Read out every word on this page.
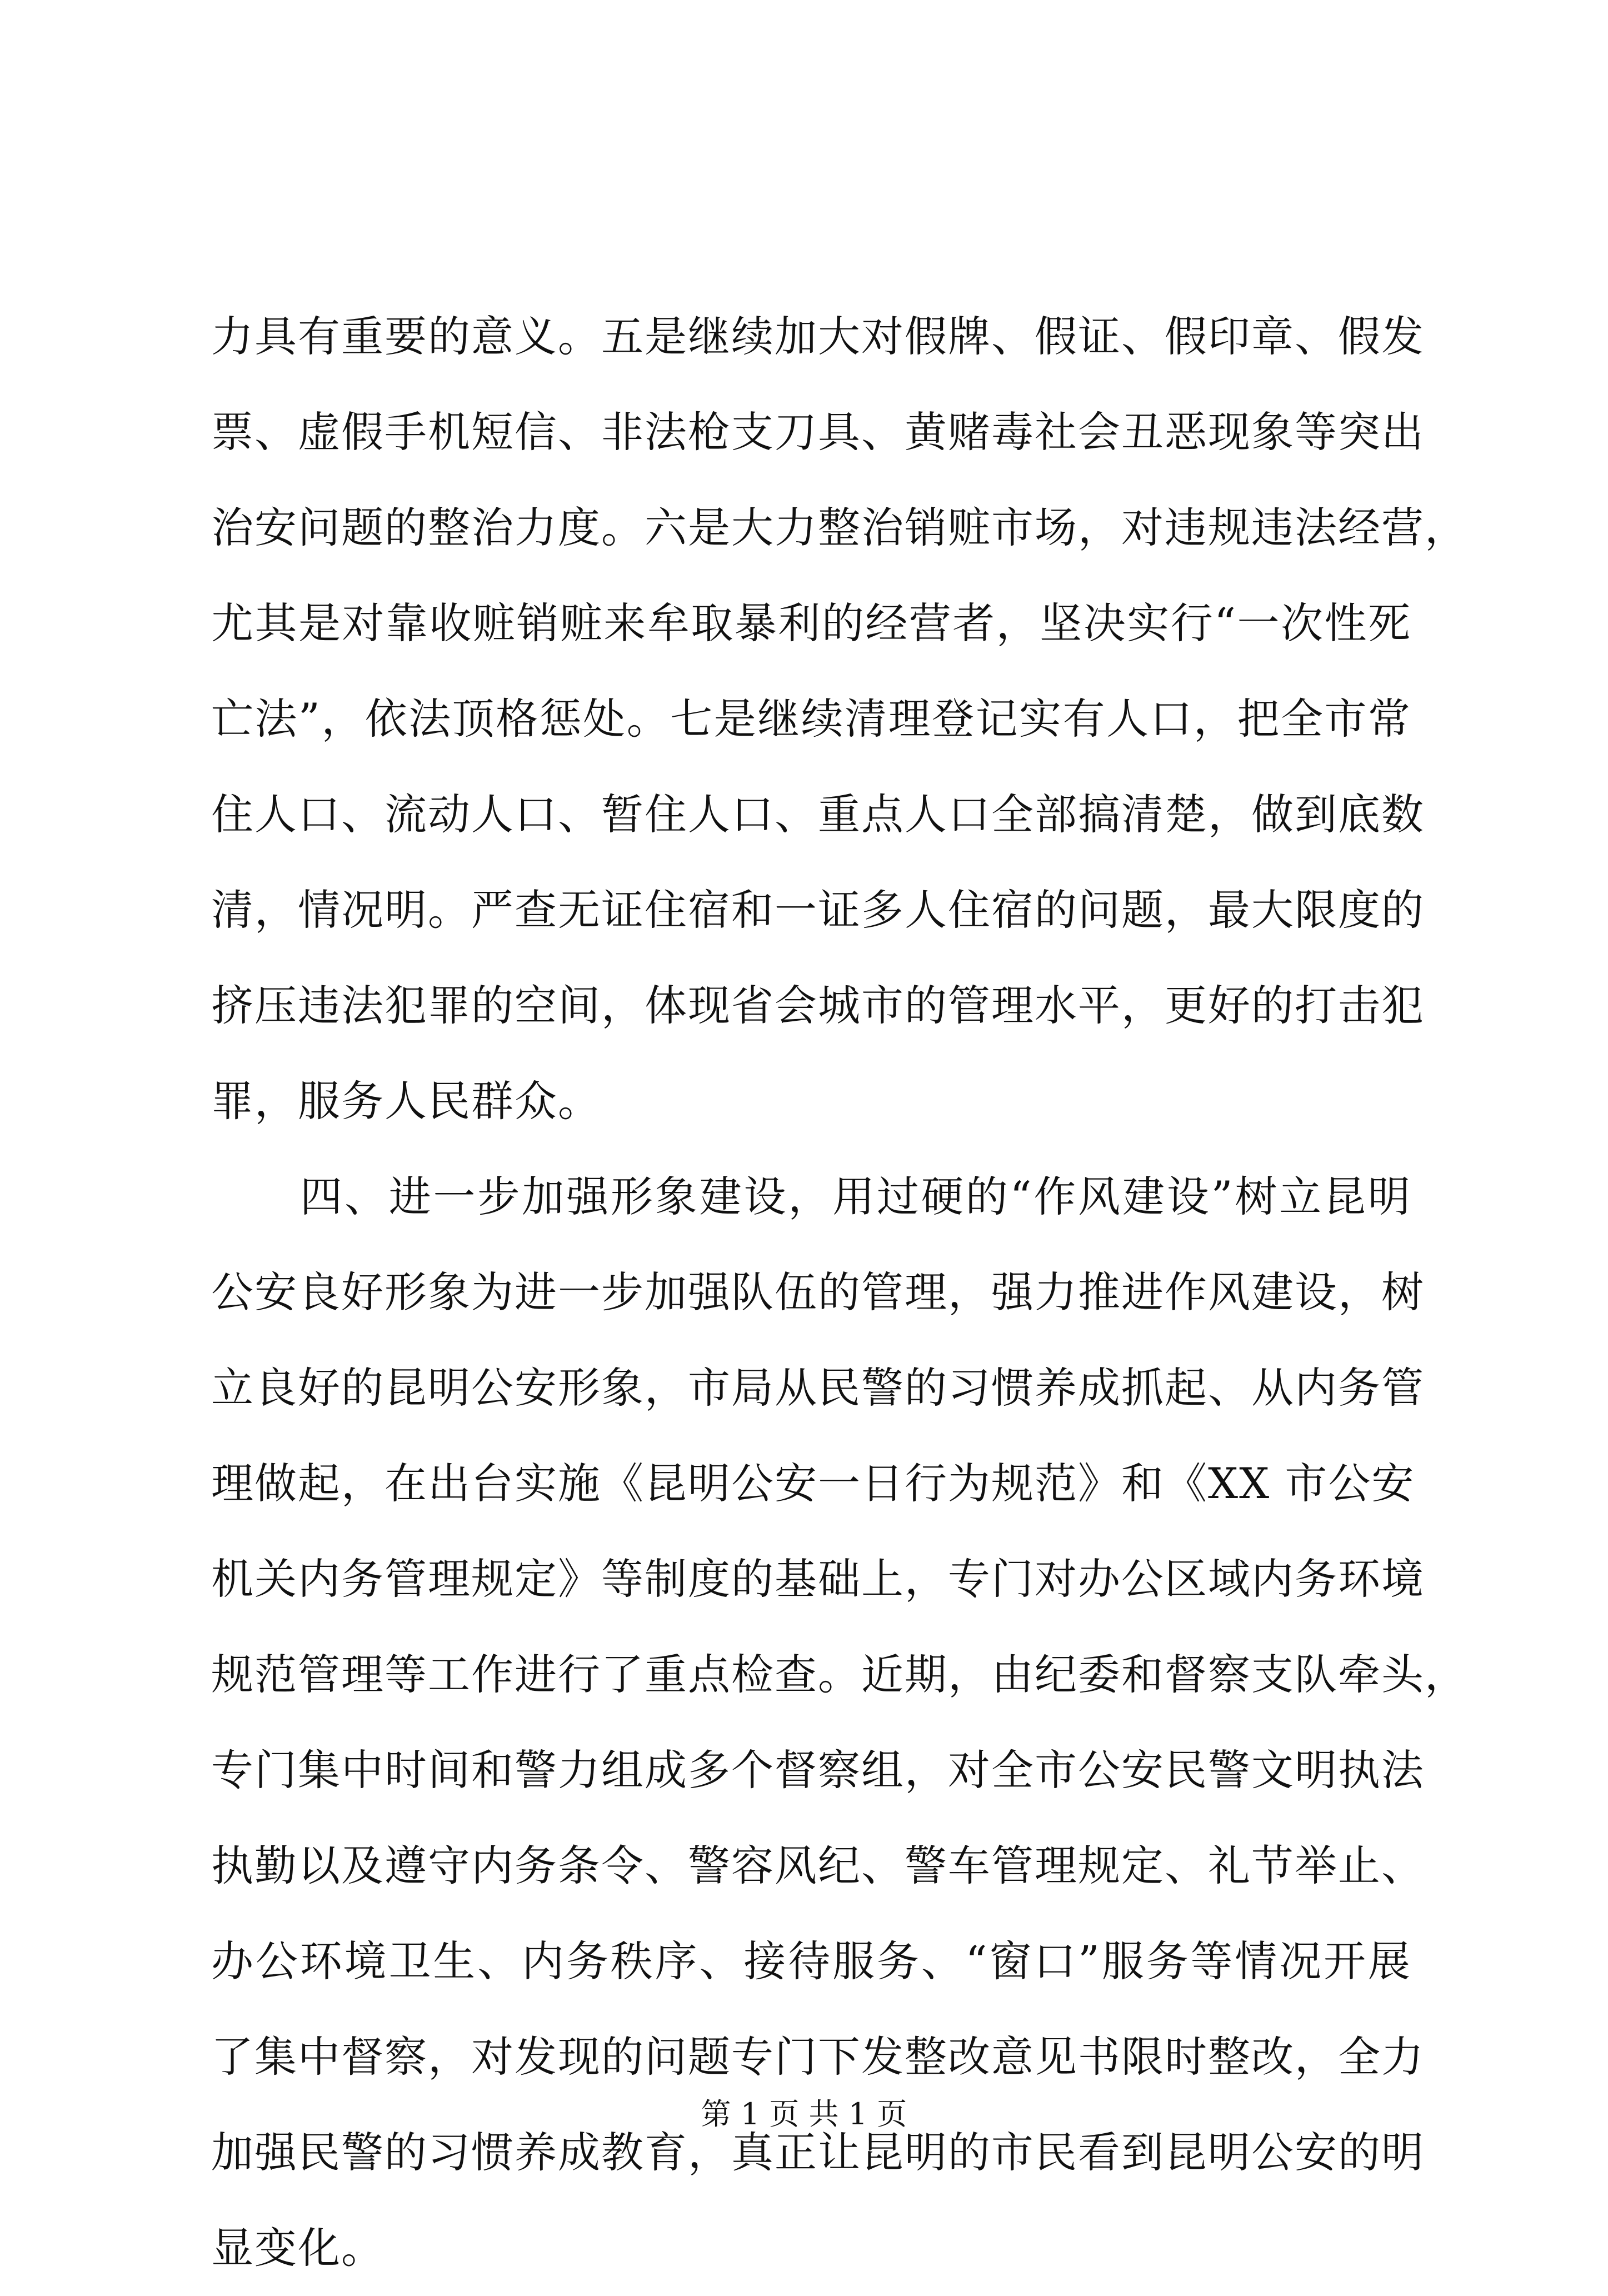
力具有重要的意义。五是继续加大对假牌、假证、假印章、假发
票、虚假手机短信、非法枪支刀具、黄赌毒社会丑恶现象等突出
治安问题的整治力度。六是大力整治销赃市场，对违规违法经营，
尤其是对靠收赃销赃来牟取暴利的经营者，坚决实行“一次性死
亡法”，依法顶格惩处。七是继续清理登记实有人口，把全市常
住人口、流动人口、暂住人口、重点人口全部搞清楚，做到底数
清，情况明。严查无证住宿和一证多人住宿的问题，最大限度的
挤压违法犯罪的空间，体现省会城市的管理水平，更好的打击犯
罪，服务人民群众。
四、进一步加强形象建设，用过硬的“作风建设”树立昆明
公安良好形象为进一步加强队伍的管理，强力推进作风建设，树
立良好的昆明公安形象，市局从民警的习惯养成抓起、从内务管
理做起，在出台实施《昆明公安一日行为规范》和《XX 市公安
机关内务管理规定》等制度的基础上，专门对办公区域内务环境
规范管理等工作进行了重点检查。近期，由纪委和督察支队牵头，
专门集中时间和警力组成多个督察组，对全市公安民警文明执法
执勤以及遵守内务条令、警容风纪、警车管理规定、礼节举止、
办公环境卫生、内务秩序、接待服务、“窗口”服务等情况开展
了集中督察，对发现的问题专门下发整改意见书限时整改，全力
加强民警的习惯养成教育，真正让昆明的市民看到昆明公安的明
显变化。
第 1 页 共 1 页
